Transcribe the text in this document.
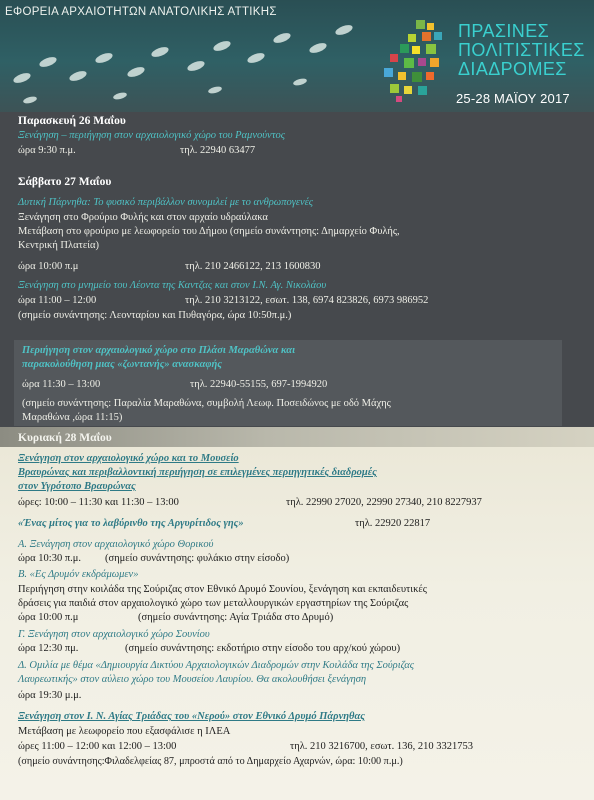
ΕΦΟΡΕΙΑ ΑΡΧΑΙΟΤΗΤΩΝ ΑΝΑΤΟΛΙΚΗΣ ΑΤΤΙΚΗΣ
ΠΡΑΣΙΝΕΣ
ΠΟΛΙΤΙΣΤΙΚΕΣ
ΔΙΑΔΡΟΜΕΣ
25-28 ΜΑΪΟΥ 2017
Παρασκευή 26 Μαΐου
Ξενάγηση – περιήγηση στον αρχαιολογικό χώρο του Ραμνούντος
ώρα 9:30 π.μ.	τηλ. 22940 63477
Σάββατο 27 Μαΐου
Δυτική Πάρνηθα: Το φυσικό περιβάλλον συνομιλεί με το ανθρωπογενές
Ξενάγηση στο Φρούριο Φυλής και στον αρχαίο υδραύλακα
Μετάβαση στο φρούριο με λεωφορείο του Δήμου (σημείο συνάντησης: Δημαρχείο Φυλής,
Κεντρική Πλατεία)
ώρα 10:00 π.μ	τηλ. 210 2466122, 213 1600830
Ξενάγηση στο μνημείο του Λέοντα της Καντζας και στον Ι.Ν. Αγ. Νικολάου
ώρα 11:00 – 12:00	τηλ. 210 3213122, εσωτ. 138, 6974 823826, 6973 986952
(σημείο συνάντησης: Λεονταρίου και Πυθαγόρα, ώρα 10:50π.μ.)
Περιήγηση στον αρχαιολογικό χώρο στο Πλάσι Μαραθώνα και
παρακολούθηση μιας «ζωντανής» ανασκαφής
ώρα 11:30 – 13:00	τηλ. 22940-55155, 697-1994920
(σημείο συνάντησης: Παραλία Μαραθώνα, συμβολή Λεωφ. Ποσειδώνος με οδό Μάχης
Μαραθώνα ,ώρα 11:15)
Κυριακή 28 Μαΐου
Ξενάγηση στον αρχαιολογικό χώρο και το Μουσείο
Βραυρώνας και περιβαλλοντική περιήγηση σε επιλεγμένες περιηγητικές διαδρομές
στον Υγρότοπο Βραυρώνας
ώρες: 10:00 – 11:30 και 11:30 – 13:00	τηλ. 22990 27020, 22990 27340, 210 8227937
«Ένας μίτος για το λαβύρινθο της Αργυρίτιδος γης»	τηλ. 22920 22817
Α. Ξενάγηση στον αρχαιολογικό χώρο Θορικού
ώρα 10:30 π.μ. (σημείο συνάντησης: φυλάκιο στην είσοδο)
Β. «Ες Δρυμόν εκδράμωμεν»
Περιήγηση στην κοιλάδα της Σούριζας στον Εθνικό Δρυμό Σουνίου, ξενάγηση και εκπαιδευτικές
δράσεις για παιδιά στον αρχαιολογικό χώρο των μεταλλουργικών εργαστηρίων της Σούριζας
ώρα 10:00 π.μ	(σημείο συνάντησης: Αγία Τριάδα στο Δρυμό)
Γ. Ξενάγηση στον αρχαιολογικό χώρο Σουνίου
ώρα 12:30 πμ.	(σημείο συνάντησης: εκδοτήριο στην είσοδο του αρχ/κού χώρου)
Δ. Ομιλία με θέμα «Δημιουργία Δικτύου Αρχαιολογικών Διαδρομών στην Κοιλάδα της Σούριζας
Λαυρεωτικής» στον αύλειο χώρο του Μουσείου Λαυρίου. Θα ακολουθήσει ξενάγηση
ώρα 19:30 μ.μ.
Ξενάγηση στον Ι. Ν. Αγίας Τριάδας του «Νερού» στον Εθνικό Δρυμό Πάρνηθας
Μετάβαση με λεωφορείο που εξασφάλισε η ΙΛΕΑ
ώρες 11:00 – 12:00 και 12:00 – 13:00	τηλ. 210 3216700, εσωτ. 136, 210 3321753
(σημείο συνάντησης:Φιλαδελφείας 87, μπροστά από το Δημαρχείο Αχαρνών, ώρα: 10:00 π.μ.)
